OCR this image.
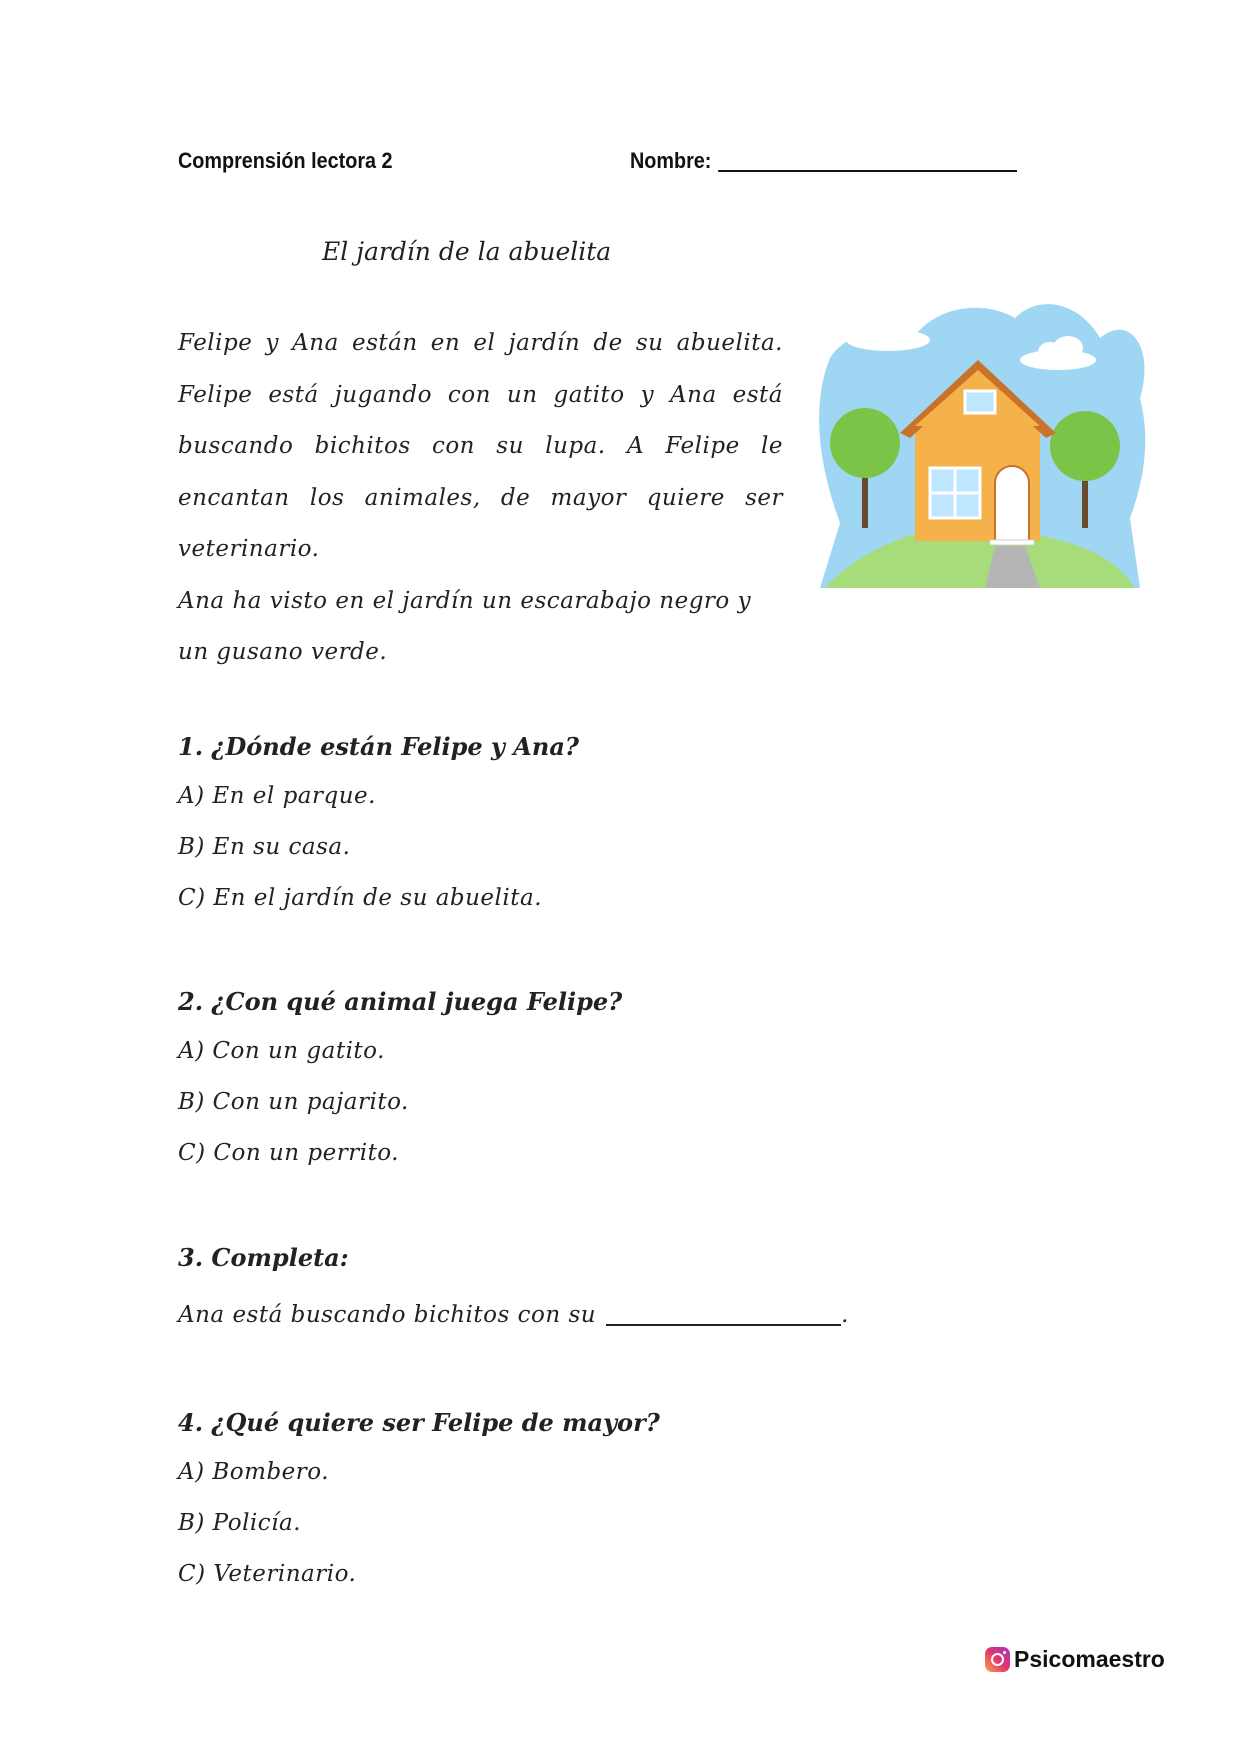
Comprensión lectora 2	Nombre:
El jardín de la abuelita

Felipe y Ana están en el jardín de su abuelita. Felipe está jugando con un gatito y Ana está buscando bichitos con su lupa. A Felipe le encantan los animales, de mayor quiere ser veterinario.

Ana ha visto en el jardín un escarabajo negro y un gusano verde.

1. ¿Dónde están Felipe y Ana?
A) En el parque.
B) En su casa.
C) En el jardín de su abuelita.
2. ¿Con qué animal juega Felipe?
A) Con un gatito.
B) Con un pajarito.
C) Con un perrito.
3. Completa:
Ana está buscando bichitos con su	.
4. ¿Qué quiere ser Felipe de mayor?
A) Bombero.
B) Policía.
C) Veterinario.
Psicomaestro
